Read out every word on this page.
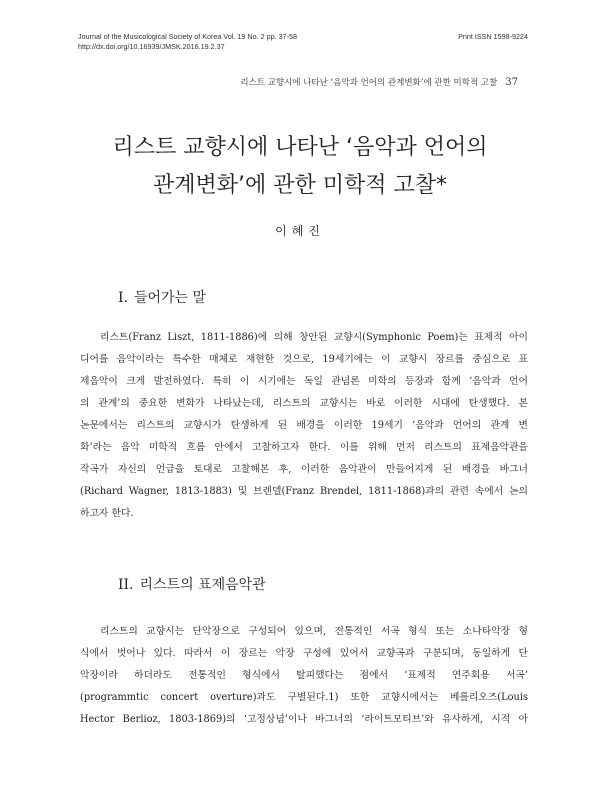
Journal of the Musicological Society of Korea Vol. 19 No. 2 pp. 37-58
http://dx.doi.org/10.16939/JMSK.2016.19.2.37
Print ISSN 1598-9224
리스트 교향시에 나타난 ‘음악과 언어의 관계변화’에 관한 미학적 고찰 37
리스트 교향시에 나타난 ‘음악과 언어의
관계변화’에 관한 미학적 고찰*
이혜진
I. 들어가는 말
리스트(Franz Liszt, 1811-1886)에 의해 창안된 교향시(Symphonic Poem)는 표제적 아이
디어를 음악이라는 특수한 매체로 재현한 것으로, 19세기에는 이 교향시 장르를 중심으로 표
제음악이 크게 발전하였다. 특히 이 시기에는 독일 관념론 미학의 등장과 함께 ‘음악과 언어
의 관계’의 중요한 변화가 나타났는데, 리스트의 교향시는 바로 이러한 시대에 탄생했다. 본
논문에서는 리스트의 교향시가 탄생하게 된 배경을 이러한 19세기 ‘음악과 언어의 관계 변
화’라는 음악 미학적 흐름 안에서 고찰하고자 한다. 이를 위해 먼저 리스트의 표제음악관을
작곡가 자신의 언급을 토대로 고찰해본 후, 이러한 음악관이 만들어지게 된 배경을 바그너
(Richard Wagner, 1813-1883) 및 브렌델(Franz Brendel, 1811-1868)과의 관련 속에서 논의
하고자 한다.
II. 리스트의 표제음악관
리스트의 교향시는 단악장으로 구성되어 있으며, 전통적인 서곡 형식 또는 소나타악장 형
식에서 벗어나 있다. 따라서 이 장르는 악장 구성에 있어서 교향곡과 구분되며, 동일하게 단
악장이라 하더라도 전통적인 형식에서 탈피했다는 점에서 ‘표제적 연주회용 서곡’
(programmtic concert overture)과도 구별된다.1) 또한 교향시에서는 베를리오즈(Louis
Hector Berlioz, 1803-1869)의 ‘고정상념’이나 바그너의 ‘라이트모티브’와 유사하게, 시적 아
